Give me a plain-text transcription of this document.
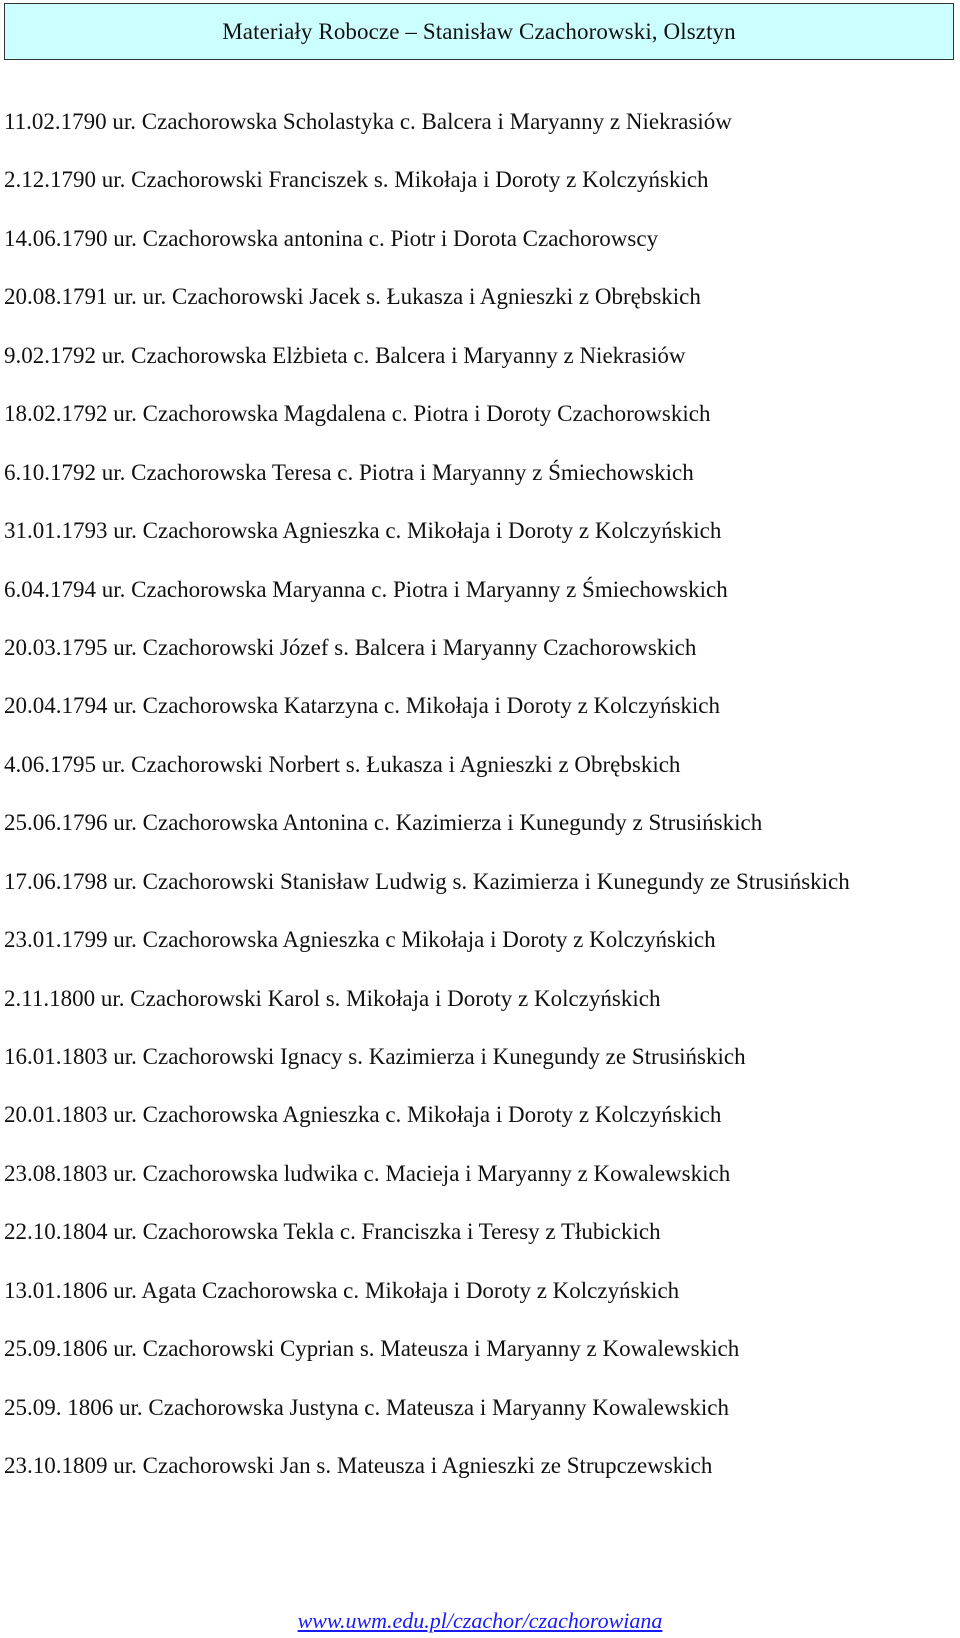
Materiały Robocze – Stanisław Czachorowski, Olsztyn
11.02.1790 ur. Czachorowska Scholastyka c. Balcera i Maryanny z Niekrasiów
2.12.1790 ur. Czachorowski Franciszek s. Mikołaja i Doroty z Kolczyńskich
14.06.1790 ur. Czachorowska antonina c. Piotr i Dorota Czachorowscy
20.08.1791 ur. ur. Czachorowski Jacek s. Łukasza i Agnieszki z Obrębskich
9.02.1792 ur. Czachorowska Elżbieta c. Balcera i Maryanny z Niekrasiów
18.02.1792 ur. Czachorowska Magdalena c. Piotra i Doroty Czachorowskich
6.10.1792 ur. Czachorowska Teresa c. Piotra i Maryanny z Śmiechowskich
31.01.1793 ur. Czachorowska Agnieszka c. Mikołaja i Doroty z Kolczyńskich
6.04.1794 ur. Czachorowska Maryanna c. Piotra i Maryanny z Śmiechowskich
20.03.1795 ur. Czachorowski Józef s. Balcera i Maryanny Czachorowskich
20.04.1794 ur. Czachorowska Katarzyna c. Mikołaja i Doroty z Kolczyńskich
4.06.1795 ur. Czachorowski Norbert s. Łukasza i Agnieszki z Obrębskich
25.06.1796 ur. Czachorowska Antonina c. Kazimierza i Kunegundy z Strusińskich
17.06.1798 ur. Czachorowski Stanisław Ludwig s. Kazimierza i Kunegundy ze Strusińskich
23.01.1799 ur. Czachorowska Agnieszka c Mikołaja i Doroty z Kolczyńskich
2.11.1800 ur. Czachorowski Karol s. Mikołaja i Doroty z Kolczyńskich
16.01.1803 ur. Czachorowski Ignacy s. Kazimierza i Kunegundy ze Strusińskich
20.01.1803 ur. Czachorowska Agnieszka c. Mikołaja i Doroty z Kolczyńskich
23.08.1803 ur. Czachorowska ludwika c. Macieja i Maryanny z Kowalewskich
22.10.1804 ur. Czachorowska Tekla c. Franciszka i Teresy z Tłubickich
13.01.1806 ur. Agata Czachorowska c. Mikołaja i Doroty z Kolczyńskich
25.09.1806 ur. Czachorowski Cyprian s. Mateusza i Maryanny z Kowalewskich
25.09. 1806 ur. Czachorowska Justyna c. Mateusza i Maryanny Kowalewskich
23.10.1809 ur. Czachorowski Jan s. Mateusza i Agnieszki ze Strupczewskich
www.uwm.edu.pl/czachor/czachorowiana
